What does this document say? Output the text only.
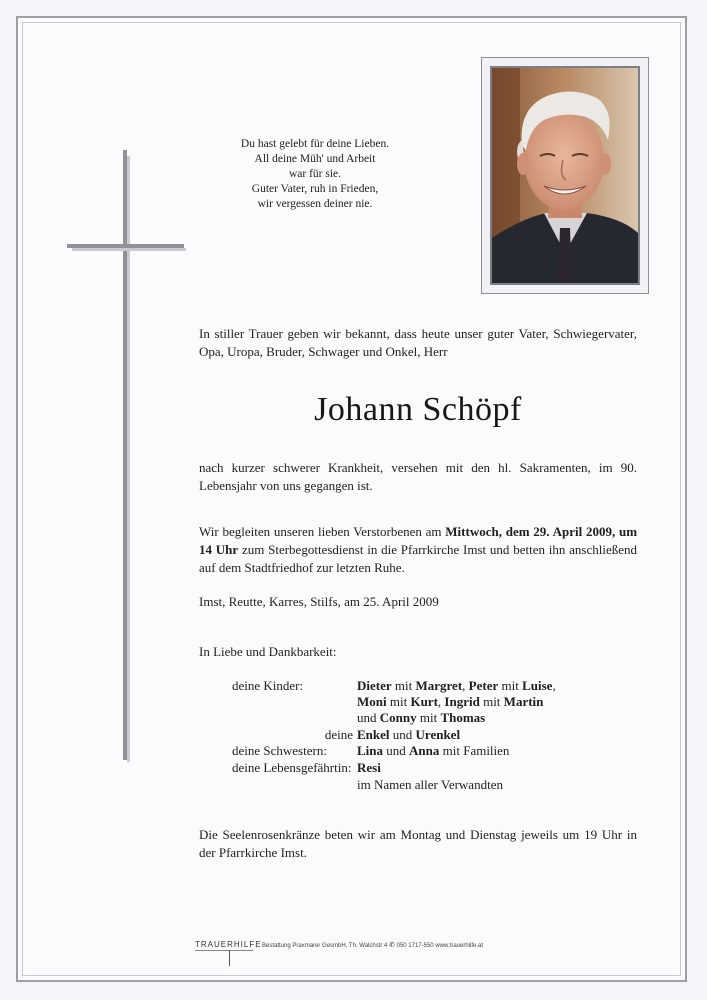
Du hast gelebt für deine Lieben.
All deine Müh' und Arbeit
war für sie.
Guter Vater, ruh in Frieden,
wir vergessen deiner nie.
In stiller Trauer geben wir bekannt, dass heute unser guter Vater, Schwiegervater, Opa, Uropa, Bruder, Schwager und Onkel, Herr
Johann Schöpf
nach kurzer schwerer Krankheit, versehen mit den hl. Sakramenten, im 90. Lebensjahr von uns gegangen ist.
Wir begleiten unseren lieben Verstorbenen am Mittwoch, dem 29. April 2009, um 14 Uhr zum Sterbegottesdienst in die Pfarrkirche Imst und betten ihn anschließend auf dem Stadtfriedhof zur letzten Ruhe.
Imst, Reutte, Karres, Stilfs, am 25. April 2009
In Liebe und Dankbarkeit:
deine Kinder:	Dieter mit Margret, Peter mit Luise,
Moni mit Kurt, Ingrid mit Martin
und Conny mit Thomas
deine Enkel und Urenkel
deine Schwestern:	Lina und Anna mit Familien
deine Lebensgefährtin: Resi
im Namen aller Verwandten
Die Seelenrosenkränze beten wir am Montag und Dienstag jeweils um 19 Uhr in der Pfarrkirche Imst.
TRAUERHILFE Bestattung Praxmarer GesmbH, Th. Walchstr 4 ✆ 050 1717-550 www.trauerhilfe.at
